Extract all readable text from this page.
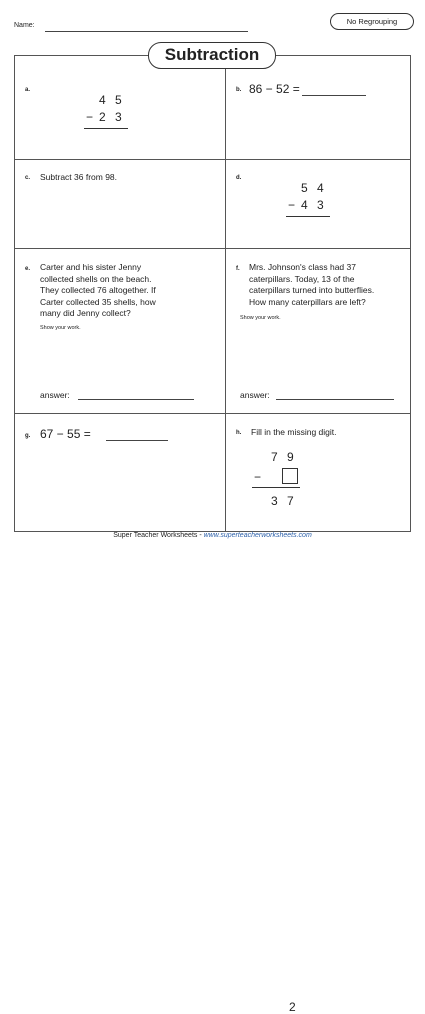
Name:	No Regrouping
Subtraction
a.
4 5
− 2 3
b. 86 − 52 =
c. Subtract 36 from 98.	d.
5 4
− 4 3
e. Carter and his sister Jenny
collected shells on the beach.
They collected 76 altogether. If
Carter collected 35 shells, how
many did Jenny collect?
Show your work.
answer:
f. Mrs. Johnson's class had 37
caterpillars. Today, 13 of the
caterpillars turned into butterflies.
How many caterpillars are left?
Show your work.
answer:
g. 67 − 55 =	h. Fill in the missing digit.
7 9
−
2
3 7
Super Teacher Worksheets - www.superteacherworksheets.com
